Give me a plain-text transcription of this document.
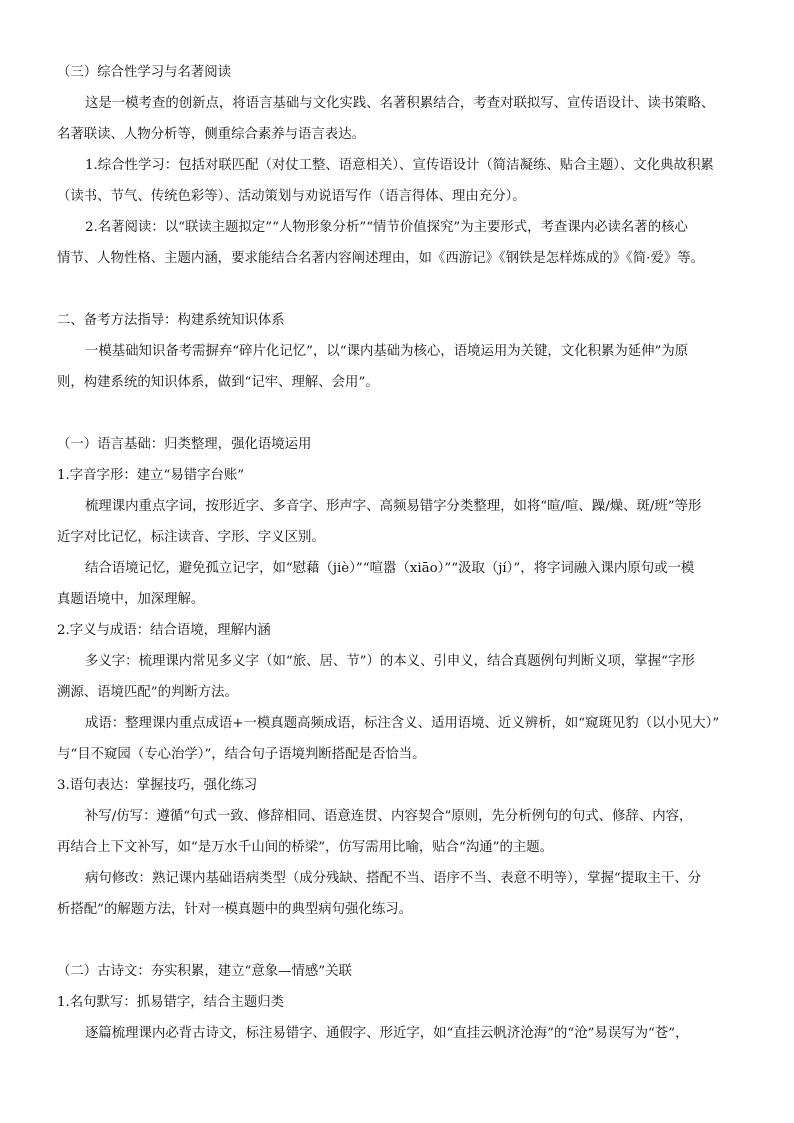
（三）综合性学习与名著阅读
这是一模考查的创新点，将语言基础与文化实践、名著积累结合，考查对联拟写、宣传语设计、读书策略、
名著联读、人物分析等，侧重综合素养与语言表达。
1.综合性学习：包括对联匹配（对仗工整、语意相关）、宣传语设计（简洁凝练、贴合主题）、文化典故积累
（读书、节气、传统色彩等）、活动策划与劝说语写作（语言得体、理由充分）。
2.名著阅读：以“联读主题拟定”“人物形象分析”“情节价值探究”为主要形式，考查课内必读名著的核心
情节、人物性格、主题内涵，要求能结合名著内容阐述理由，如《西游记》《钢铁是怎样炼成的》《简·爱》等。
二、备考方法指导：构建系统知识体系
一模基础知识备考需摒弃“碎片化记忆”，以“课内基础为核心，语境运用为关键，文化积累为延伸”为原
则，构建系统的知识体系，做到“记牢、理解、会用”。
（一）语言基础：归类整理，强化语境运用
1.字音字形：建立“易错字台账”
梳理课内重点字词，按形近字、多音字、形声字、高频易错字分类整理，如将“暄/喧、躁/燥、斑/班”等形
近字对比记忆，标注读音、字形、字义区别。
结合语境记忆，避免孤立记字，如“慰藉（jiè）”“喧嚣（xiāo）”“汲取（jí）”，将字词融入课内原句或一模
真题语境中，加深理解。
2.字义与成语：结合语境，理解内涵
多义字：梳理课内常见多义字（如“旅、居、节”）的本义、引申义，结合真题例句判断义项，掌握“字形
溯源、语境匹配”的判断方法。
成语：整理课内重点成语+一模真题高频成语，标注含义、适用语境、近义辨析，如“窥斑见豹（以小见大）”
与“目不窥园（专心治学）”，结合句子语境判断搭配是否恰当。
3.语句表达：掌握技巧，强化练习
补写/仿写：遵循“句式一致、修辞相同、语意连贯、内容契合”原则，先分析例句的句式、修辞、内容，
再结合上下文补写，如“是万水千山间的桥梁”，仿写需用比喻，贴合“沟通”的主题。
病句修改：熟记课内基础语病类型（成分残缺、搭配不当、语序不当、表意不明等），掌握“提取主干、分
析搭配”的解题方法，针对一模真题中的典型病句强化练习。
（二）古诗文：夯实积累，建立“意象—情感”关联
1.名句默写：抓易错字，结合主题归类
逐篇梳理课内必背古诗文，标注易错字、通假字、形近字，如“直挂云帆济沧海”的“沧”易误写为“苍”，
